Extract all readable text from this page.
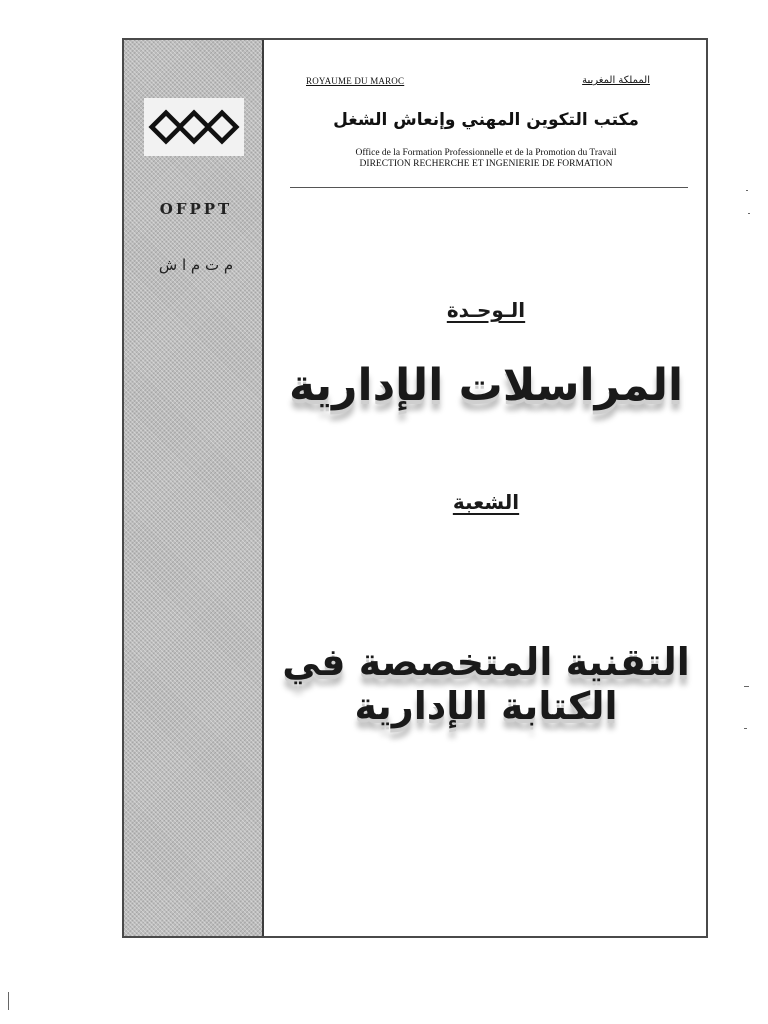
OFPPT
م ت م ا ش
ROYAUME DU MAROC	المملكة المغربية
مكتب التكوين المهني وإنعاش الشغل
Office de la Formation Professionnelle et de la Promotion du Travail
DIRECTION RECHERCHE ET INGENIERIE DE FORMATION
الـوحـدة
المراسلات الإدارية
الشعبة
التقنية المتخصصة في الكتابة الإدارية
